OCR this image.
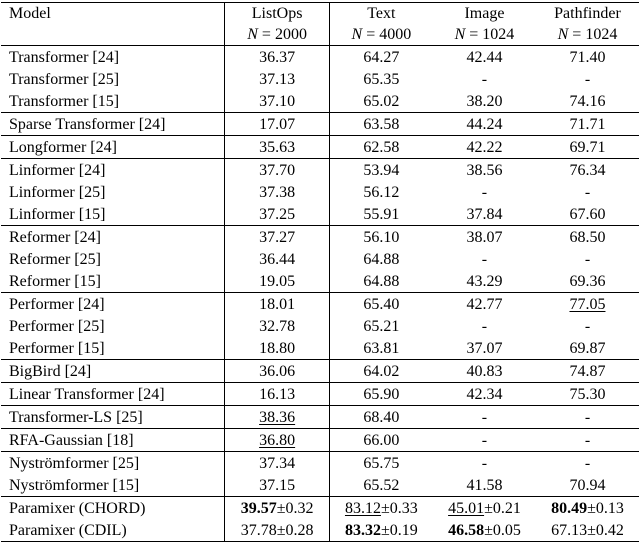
Model	ListOps	Text	Image	Pathfinder
	N = 2000	N = 4000	N = 1024	N = 1024
Transformer [24]	36.37	64.27	42.44	71.40
Transformer [25]	37.13	65.35	-	-
Transformer [15]	37.10	65.02	38.20	74.16
Sparse Transformer [24]	17.07	63.58	44.24	71.71
Longformer [24]	35.63	62.58	42.22	69.71
Linformer [24]	37.70	53.94	38.56	76.34
Linformer [25]	37.38	56.12	-	-
Linformer [15]	37.25	55.91	37.84	67.60
Reformer [24]	37.27	56.10	38.07	68.50
Reformer [25]	36.44	64.88	-	-
Reformer [15]	19.05	64.88	43.29	69.36
Performer [24]	18.01	65.40	42.77	77.05
Performer [25]	32.78	65.21	-	-
Performer [15]	18.80	63.81	37.07	69.87
BigBird [24]	36.06	64.02	40.83	74.87
Linear Transformer [24]	16.13	65.90	42.34	75.30
Transformer-LS [25]	38.36	68.40	-	-
RFA-Gaussian [18]	36.80	66.00	-	-
Nyströmformer [25]	37.34	65.75	-	-
Nyströmformer [15]	37.15	65.52	41.58	70.94
Paramixer (CHORD)	39.57±0.32	83.12±0.33	45.01±0.21	80.49±0.13
Paramixer (CDIL)	37.78±0.28	83.32±0.19	46.58±0.05	67.13±0.42
